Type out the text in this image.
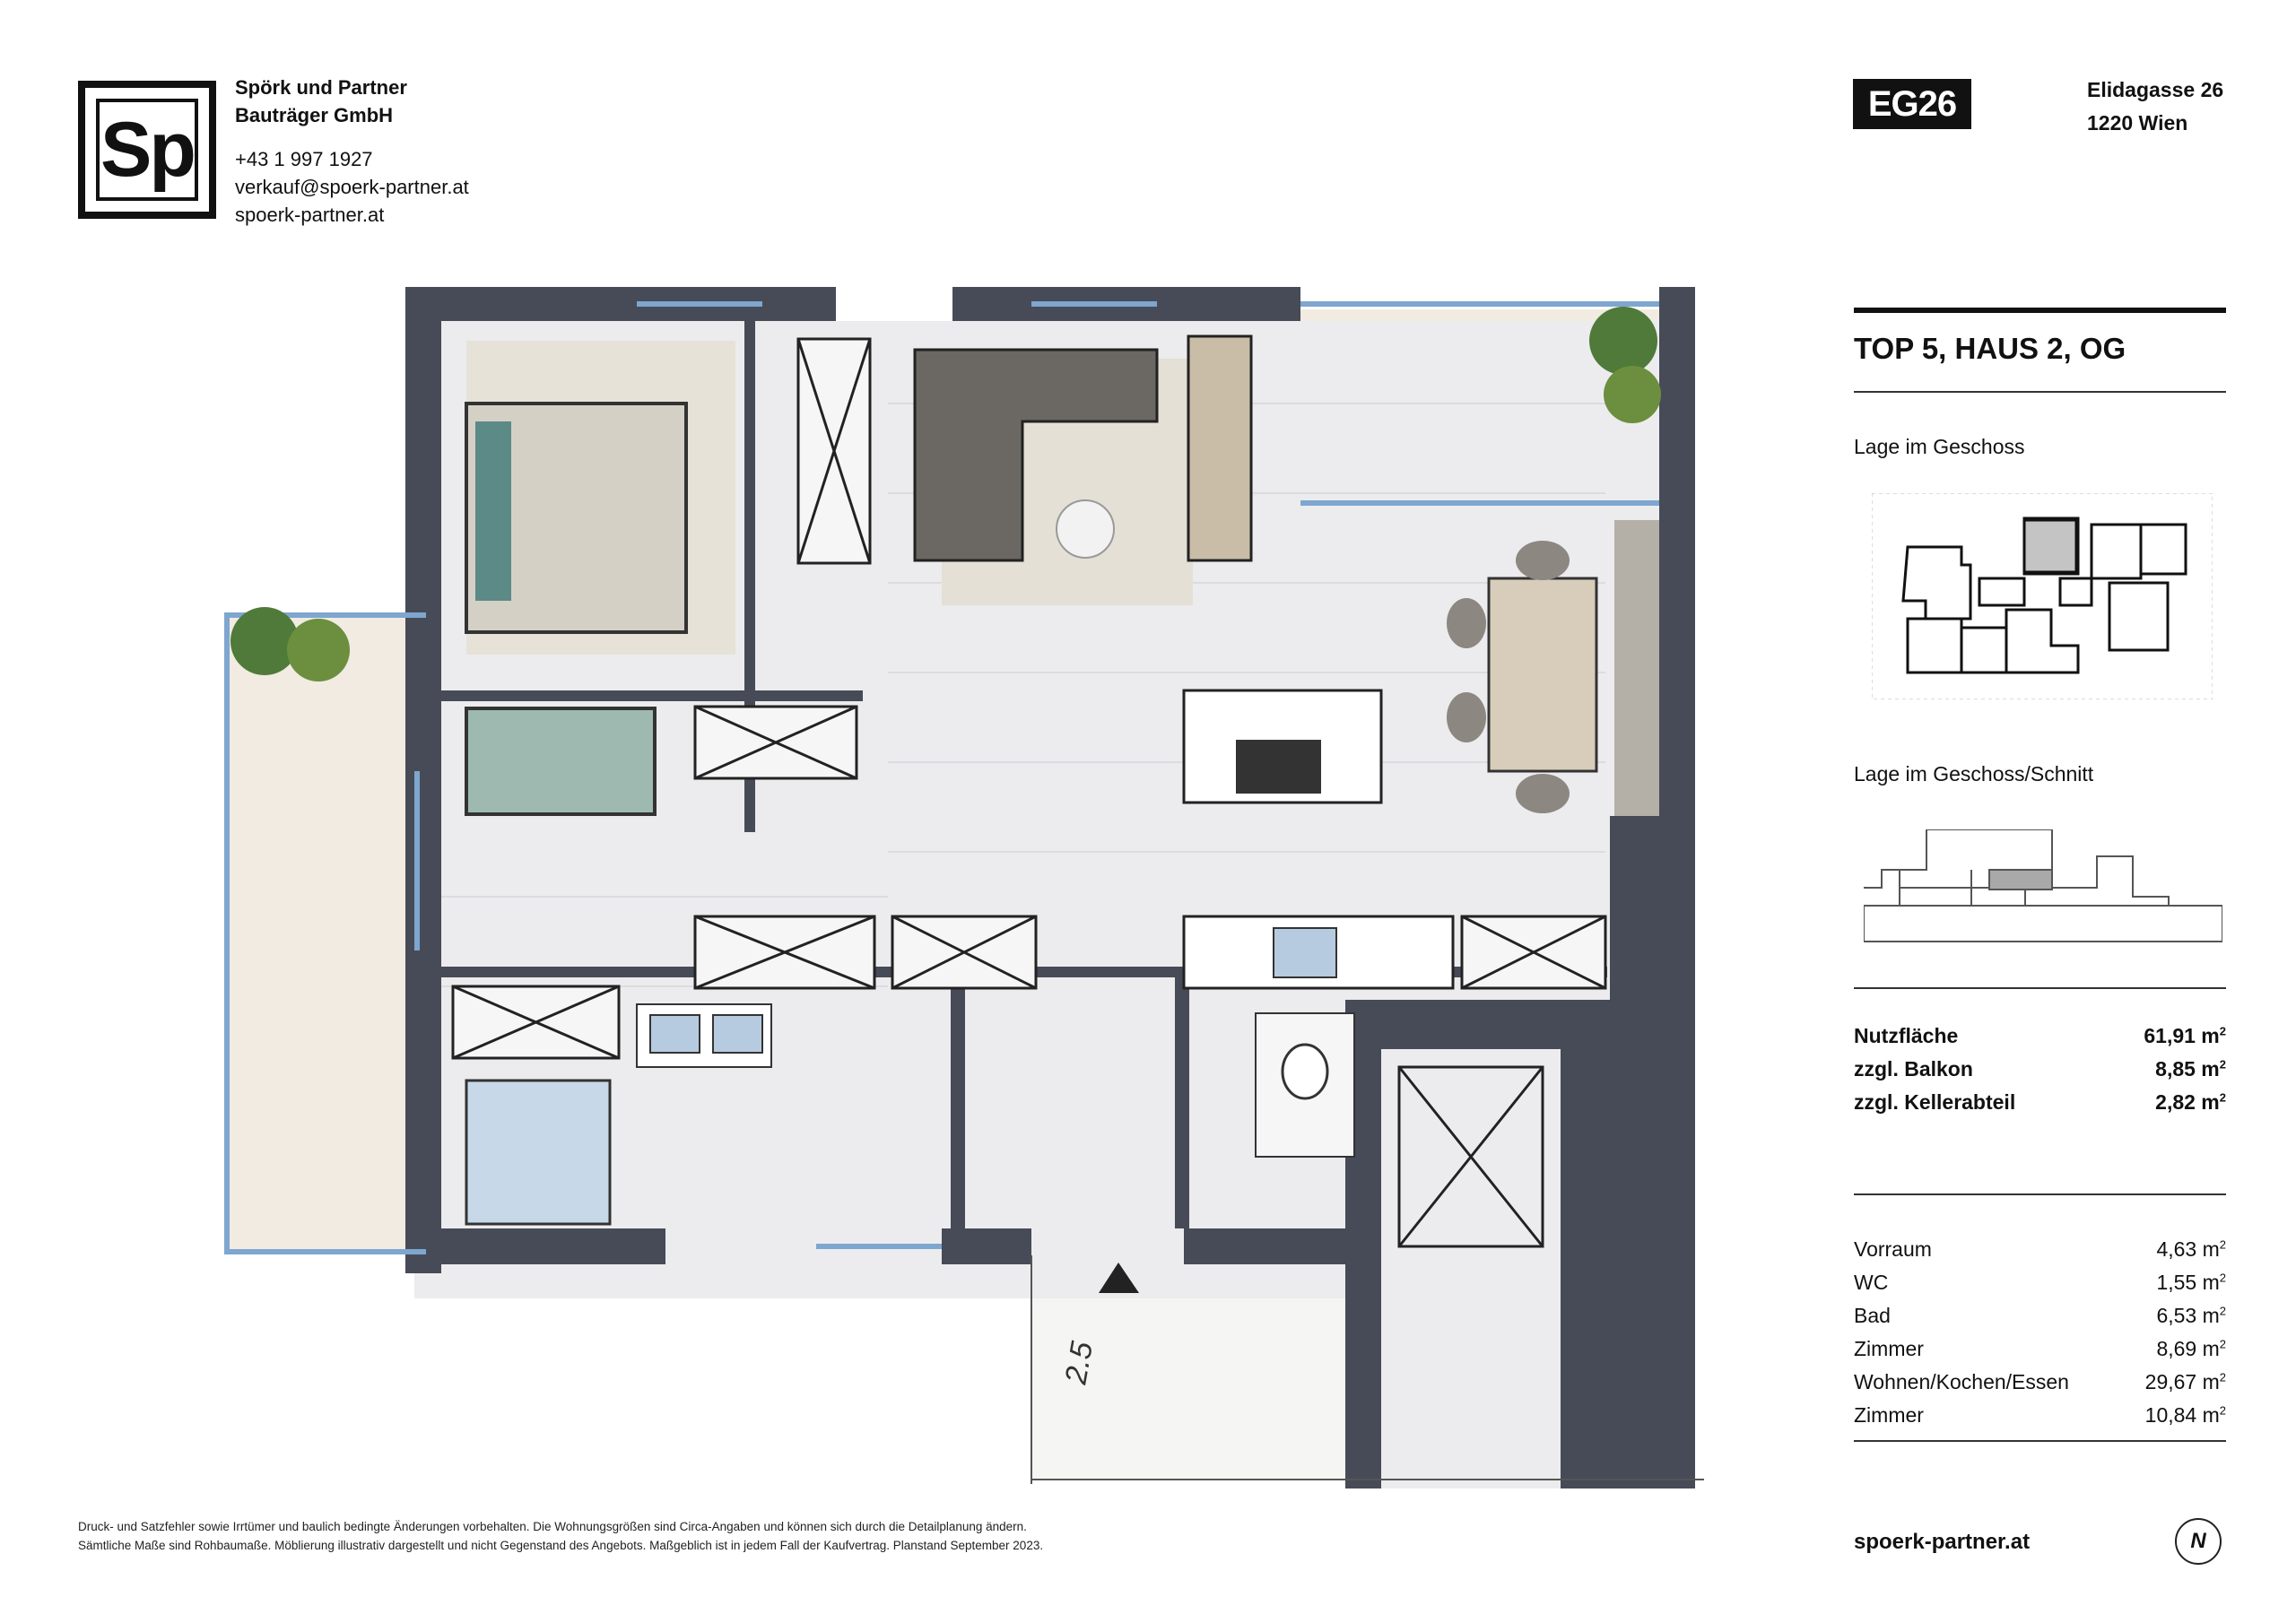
Sp
Spörk und Partner
Bauträger GmbH
+43 1 997 1927
verkauf@spoerk-partner.at
spoerk-partner.at
EG26	Elidagasse 26
1220 Wien
TOP 5, HAUS 2, OG
Lage im Geschoss
Lage im Geschoss/Schnitt
Nutzfläche	61,91 $m^2$
zzgl. Balkon	8,85 $m^2$
zzgl. Kellerabteil	2,82 $m^2$
Vorraum	4,63 $m^2$
WC	1,55 $m^2$
Bad	6,53 $m^2$
Zimmer	8,69 $m^2$
Wohnen/Kochen/Essen	29,67 $m^2$
Zimmer	10,84 $m^2$
2.5
Druck- und Satzfehler sowie Irrtümer und baulich bedingte Änderungen vorbehalten. Die Wohnungsgrößen sind Circa-Angaben und können sich durch die Detailplanung ändern.
Sämtliche Maße sind Rohbaumaße. Möblierung illustrativ dargestellt und nicht Gegenstand des Angebots. Maßgeblich ist in jedem Fall der Kaufvertrag. Planstand September 2023.	spoerk-partner.at	N
